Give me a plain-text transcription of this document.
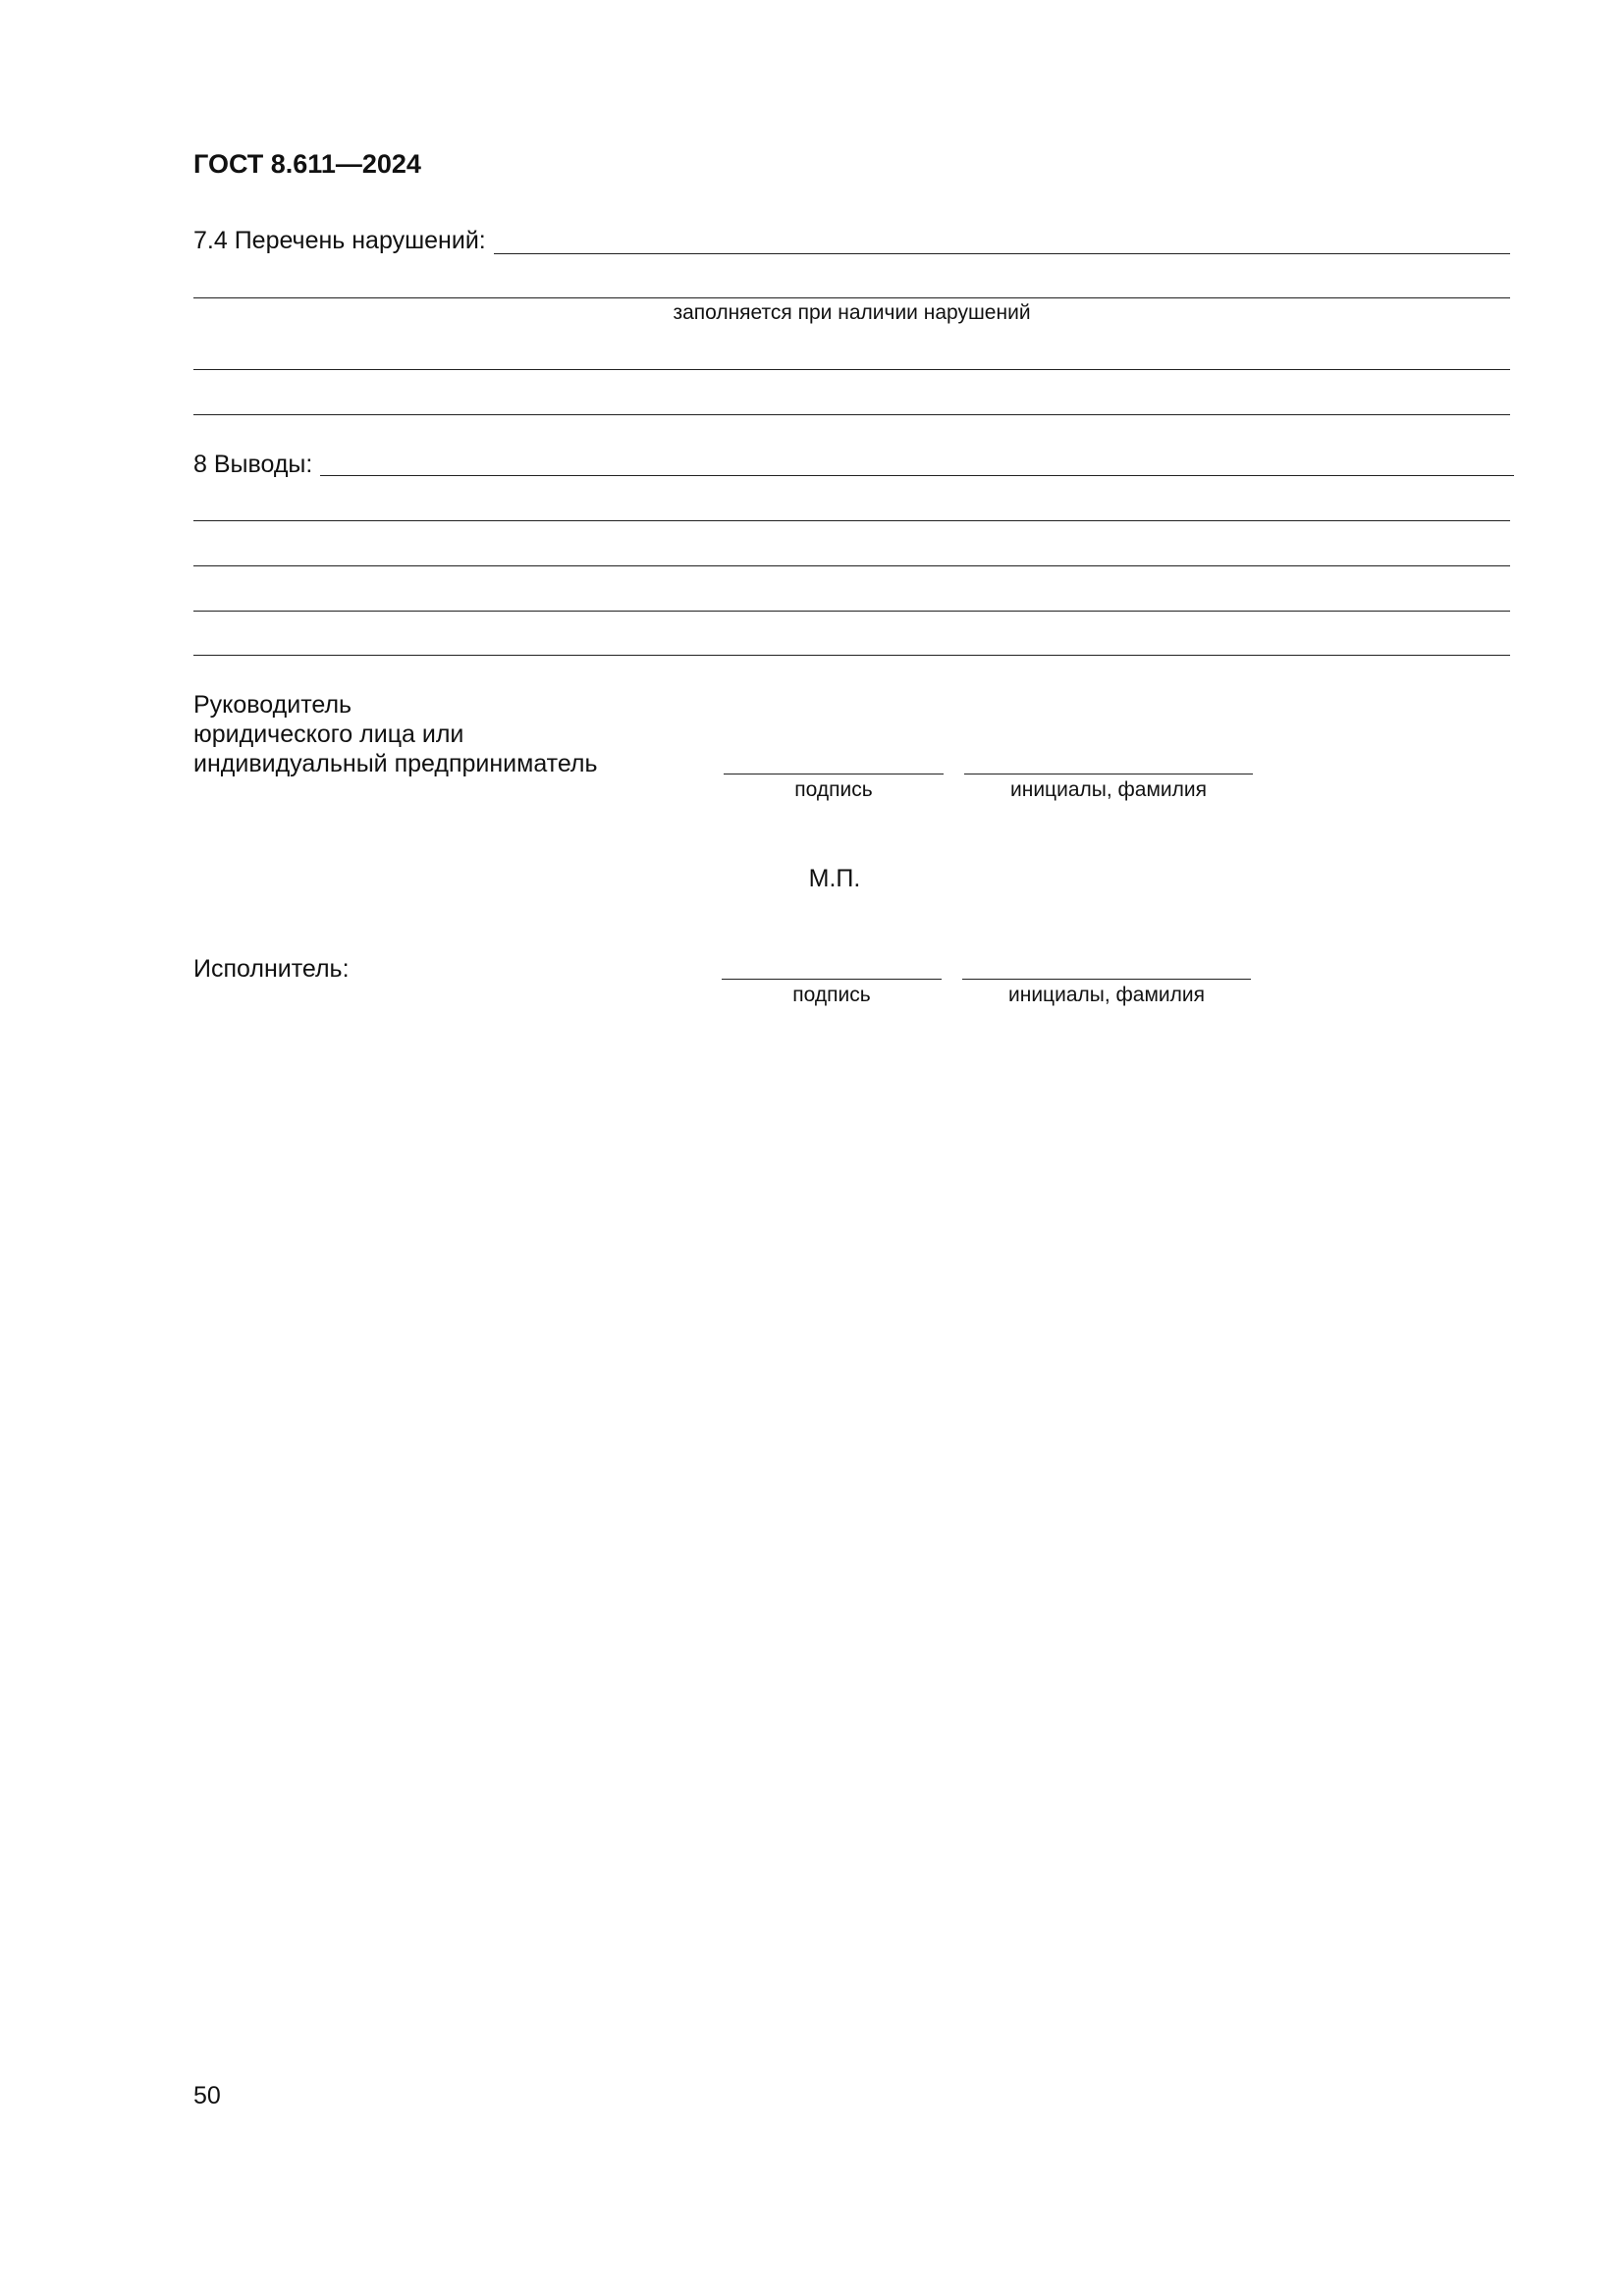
ГОСТ 8.611—2024
7.4 Перечень нарушений:
заполняется при наличии нарушений
8 Выводы:
Руководитель
юридического лица или
индивидуальный предприниматель
подпись	инициалы, фамилия
М.П.
Исполнитель:
подпись	инициалы, фамилия
50
